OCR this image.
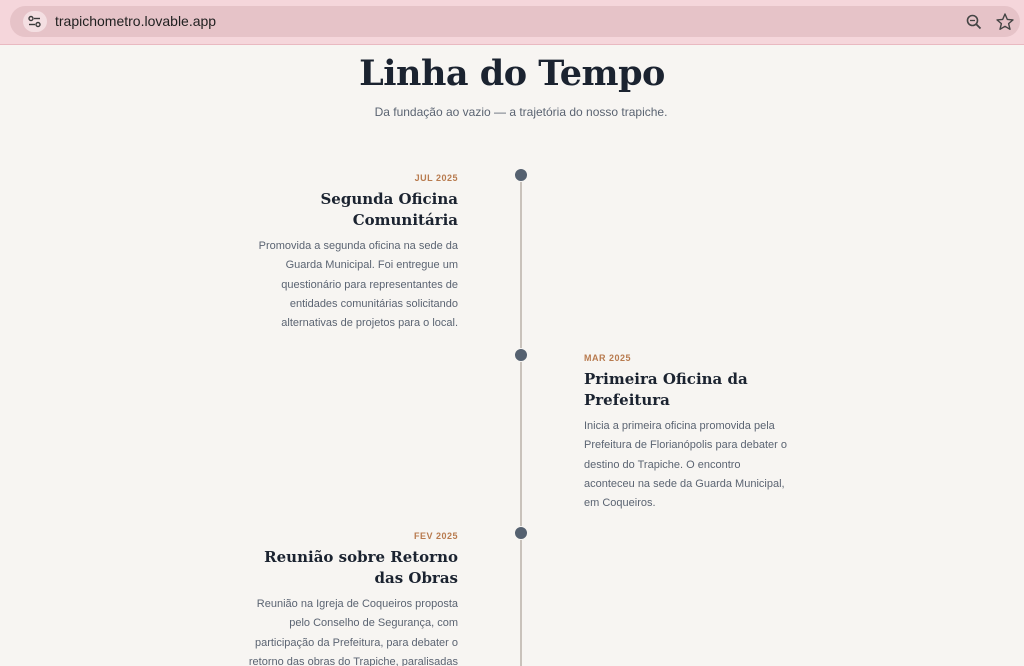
trapichometro.lovable.app
Linha do Tempo

Da fundação ao vazio — a trajetória do nosso trapiche.

JUL 2025
Segunda Oficina Comunitária
Promovida a segunda oficina na sede da Guarda Municipal. Foi entregue um questionário para representantes de entidades comunitárias solicitando alternativas de projetos para o local.
MAR 2025
Primeira Oficina da Prefeitura
Inicia a primeira oficina promovida pela Prefeitura de Florianópolis para debater o destino do Trapiche. O encontro aconteceu na sede da Guarda Municipal, em Coqueiros.
FEV 2025
Reunião sobre Retorno das Obras
Reunião na Igreja de Coqueiros proposta pelo Conselho de Segurança, com participação da Prefeitura, para debater o retorno das obras do Trapiche, paralisadas
